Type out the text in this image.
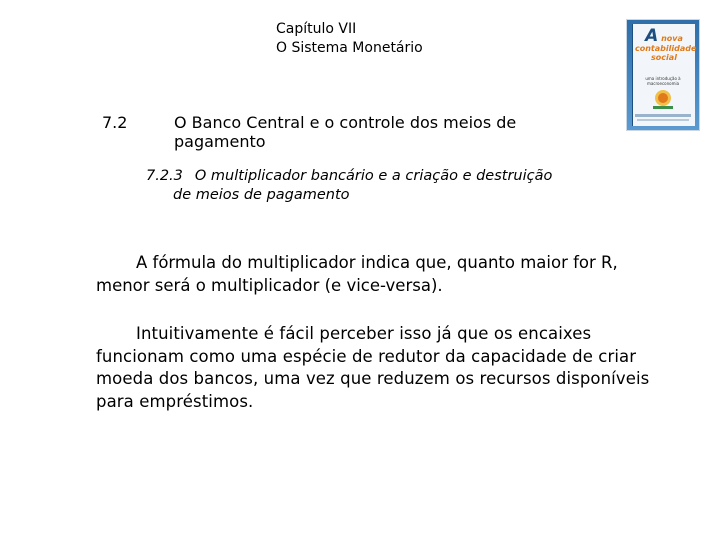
Capítulo VII
O Sistema Monetário
7.2	O Banco Central e o controle dos meios de pagamento
7.2.3 O multiplicador bancário e a criação e destruição
de meios de pagamento
A fórmula do multiplicador indica que, quanto maior for R, menor será o multiplicador (e vice-versa).
Intuitivamente é fácil perceber isso já que os encaixes funcionam como uma espécie de redutor da capacidade de criar moeda dos bancos, uma vez que reduzem os recursos disponíveis para empréstimos.
A nova
contabilidade
social
uma introdução à macroeconomia
